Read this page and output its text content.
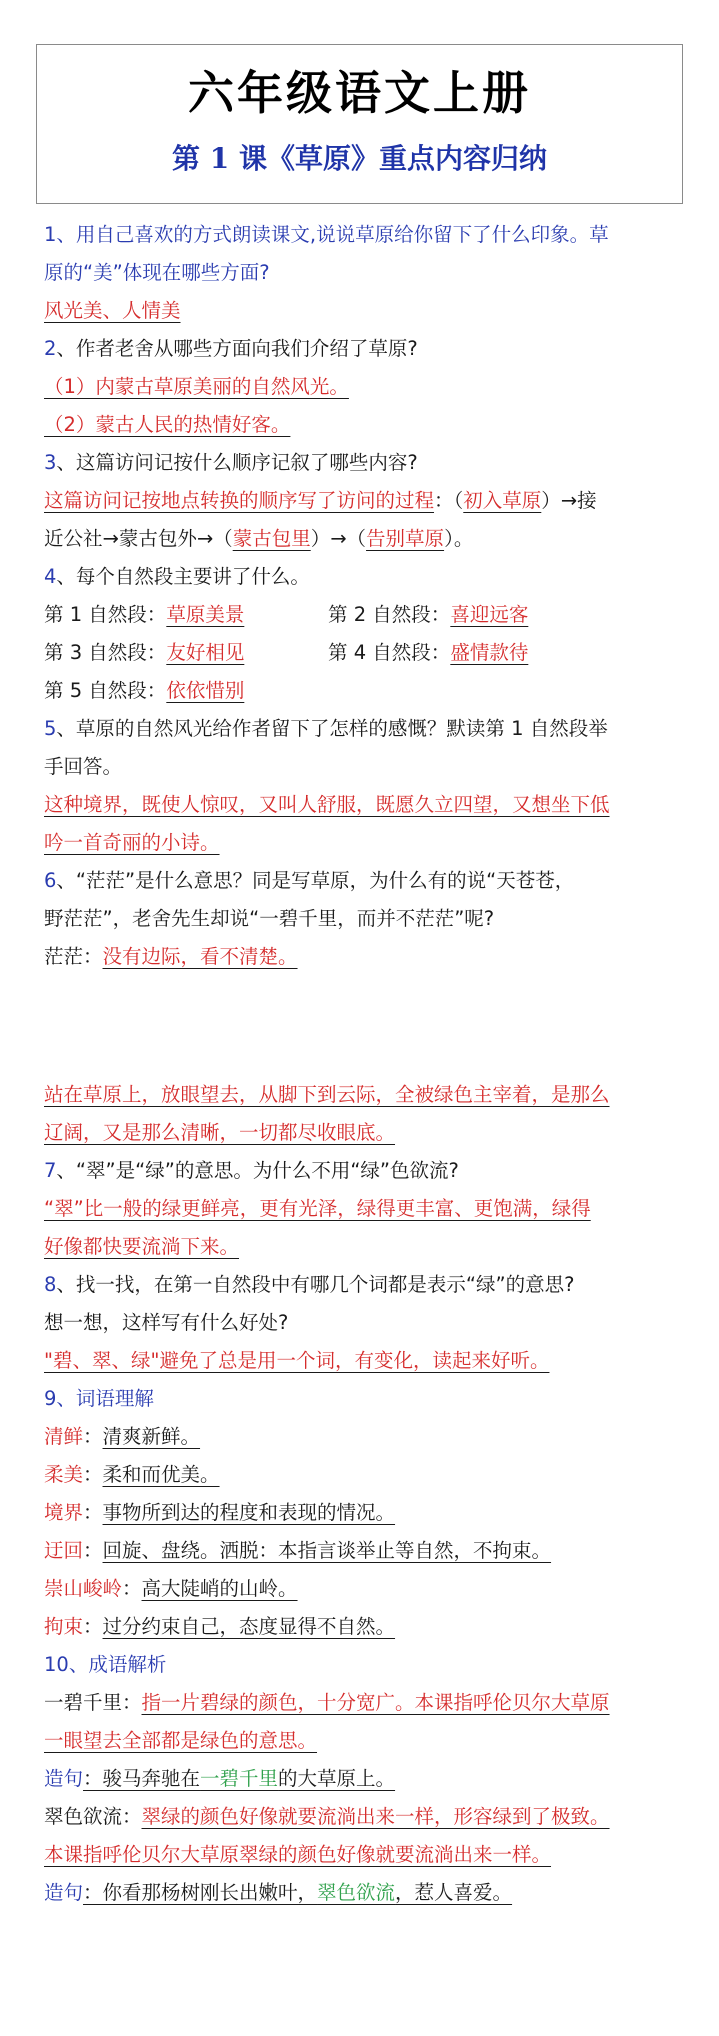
六年级语文上册
第 1 课《草原》重点内容归纳
1、用自己喜欢的方式朗读课文,说说草原给你留下了什么印象。草
原的“美”体现在哪些方面?
风光美、人情美
2、作者老舍从哪些方面向我们介绍了草原?
（1）内蒙古草原美丽的自然风光。
（2）蒙古人民的热情好客。
3、这篇访问记按什么顺序记叙了哪些内容?
这篇访问记按地点转换的顺序写了访问的过程：（初入草原）→接
近公社→蒙古包外→（蒙古包里）→（告别草原）。
4、每个自然段主要讲了什么。
第 1 自然段：草原美景	第 2 自然段：喜迎远客
第 3 自然段：友好相见	第 4 自然段：盛情款待
第 5 自然段：依依惜别
5、草原的自然风光给作者留下了怎样的感慨？默读第 1 自然段举
手回答。
这种境界，既使人惊叹，又叫人舒服，既愿久立四望，又想坐下低
吟一首奇丽的小诗。
6、“茫茫”是什么意思？同是写草原，为什么有的说“天苍苍，
野茫茫”，老舍先生却说“一碧千里，而并不茫茫”呢?
茫茫：没有边际，看不清楚。
站在草原上，放眼望去，从脚下到云际，全被绿色主宰着，是那么
辽阔，又是那么清晰，一切都尽收眼底。
7、“翠”是“绿”的意思。为什么不用“绿”色欲流?
“翠”比一般的绿更鲜亮，更有光泽，绿得更丰富、更饱满，绿得
好像都快要流淌下来。
8、找一找，在第一自然段中有哪几个词都是表示“绿”的意思?
想一想，这样写有什么好处?
"碧、翠、绿"避免了总是用一个词，有变化，读起来好听。
9、词语理解
清鲜：清爽新鲜。
柔美：柔和而优美。
境界：事物所到达的程度和表现的情况。
迂回：回旋、盘绕。洒脱：本指言谈举止等自然，不拘束。
崇山峻岭：高大陡峭的山岭。
拘束：过分约束自己，态度显得不自然。
10、成语解析
一碧千里：指一片碧绿的颜色，十分宽广。本课指呼伦贝尔大草原
一眼望去全部都是绿色的意思。
造句：骏马奔驰在一碧千里的大草原上。
翠色欲流：翠绿的颜色好像就要流淌出来一样，形容绿到了极致。
本课指呼伦贝尔大草原翠绿的颜色好像就要流淌出来一样。
造句：你看那杨树刚长出嫩叶，翠色欲流，惹人喜爱。
